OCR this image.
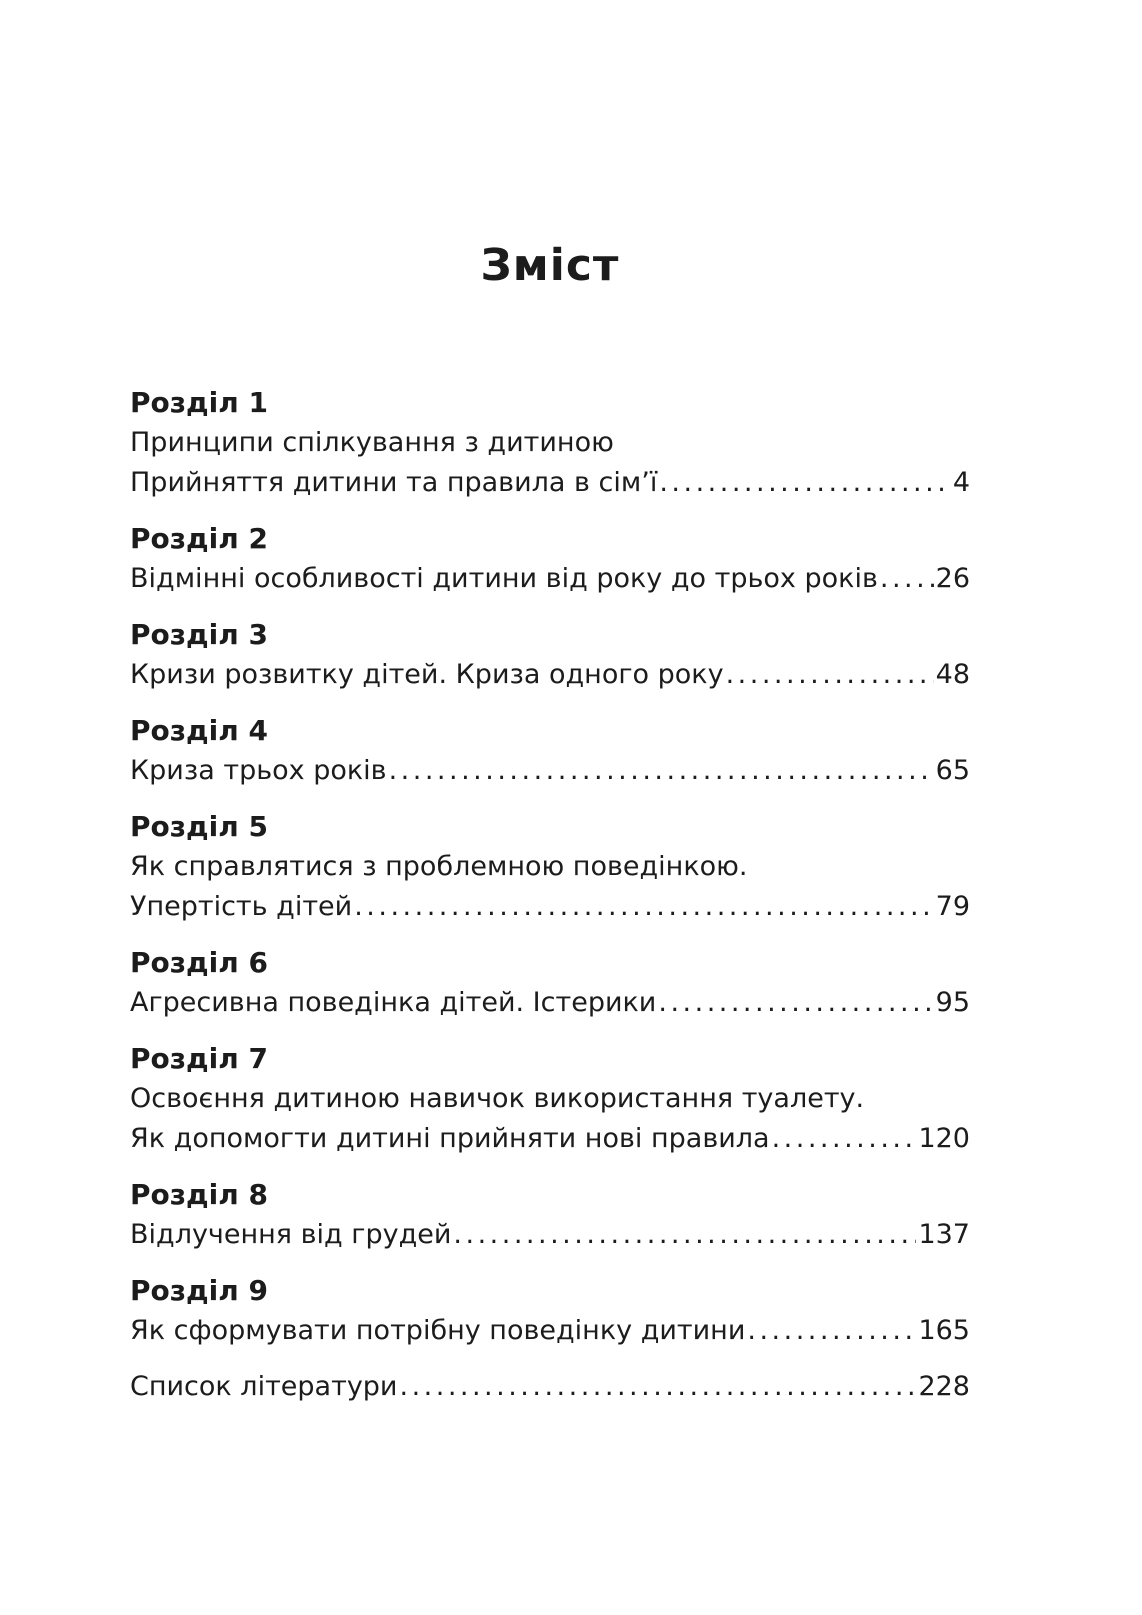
Зміст
Розділ 1
Принципи спілкування з дитиною
Прийняття дитини та правила в сім’ї .....	4
Розділ 2
Відмінні особливості дитини від року до трьох років ..... 26
Розділ 3
Кризи розвитку дітей. Криза одного року .....	48
Розділ 4
Криза трьох років .....	65
Розділ 5
Як справлятися з проблемною поведінкою.
Упертість дітей .....	79
Розділ 6
Агресивна поведінка дітей. Істерики .....	95
Розділ 7
Освоєння дитиною навичок використання туалету.
Як допомогти дитині прийняти нові правила .....	120
Розділ 8
Відлучення від грудей .....	137
Розділ 9
Як сформувати потрібну поведінку дитини .....	165
Список літератури .....	228
